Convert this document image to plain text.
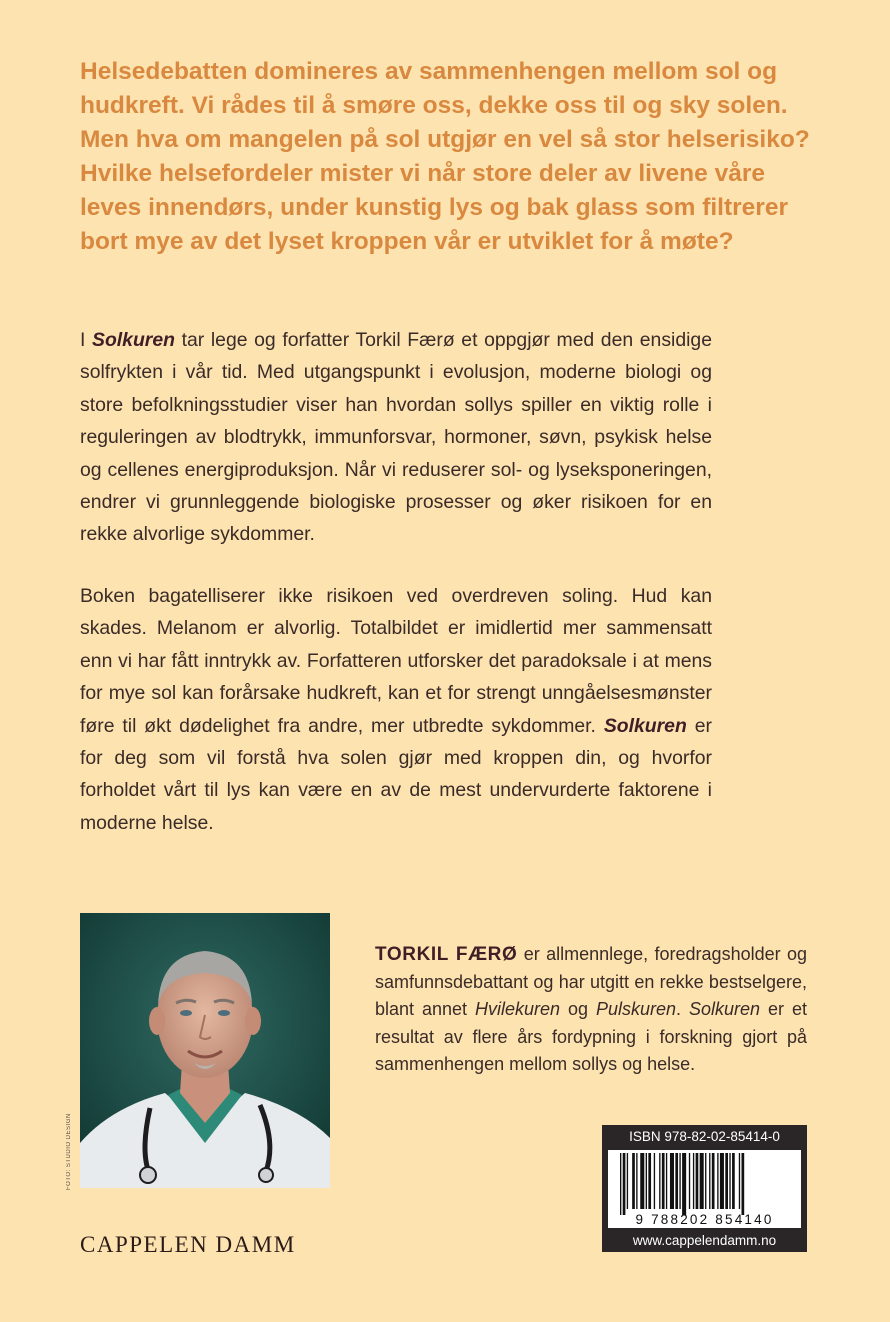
Helsedebatten domineres av sammenhengen mellom sol og hudkreft. Vi rådes til å smøre oss, dekke oss til og sky solen. Men hva om mangelen på sol utgjør en vel så stor helserisiko? Hvilke helsefordeler mister vi når store deler av livene våre leves innendørs, under kunstig lys og bak glass som filtrerer bort mye av det lyset kroppen vår er utviklet for å møte?

I Solkuren tar lege og forfatter Torkil Færø et oppgjør med den ensidige solfrykten i vår tid. Med utgangspunkt i evolusjon, moderne biologi og store befolkningsstudier viser han hvordan sollys spiller en viktig rolle i reguleringen av blodtrykk, immunforsvar, hormoner, søvn, psykisk helse og cellenes energiproduksjon. Når vi reduserer sol- og lyseksponeringen, endrer vi grunnleggende biologiske prosesser og øker risikoen for en rekke alvorlige sykdommer.

Boken bagatelliserer ikke risikoen ved overdreven soling. Hud kan skades. Melanom er alvorlig. Totalbildet er imidlertid mer sammensatt enn vi har fått inntrykk av. Forfatteren utforsker det paradoksale i at mens for mye sol kan forårsake hudkreft, kan et for strengt unngåelsesmønster føre til økt dødelighet fra andre, mer utbredte sykdommer. Solkuren er for deg som vil forstå hva solen gjør med kroppen din, og hvorfor forholdet vårt til lys kan være en av de mest undervurderte faktorene i moderne helse.

FOTO: STUDIO DESIGN

TORKIL FÆRØ er allmennlege, foredragsholder og samfunnsdebattant og har utgitt en rekke bestselgere, blant annet Hvilekuren og Pulskuren. Solkuren er et resultat av flere års fordypning i forskning gjort på sammenhengen mellom sollys og helse.

CAPPELEN DAMM

ISBN 978-82-02-85414-0
9 788202 854140
www.cappelendamm.no
